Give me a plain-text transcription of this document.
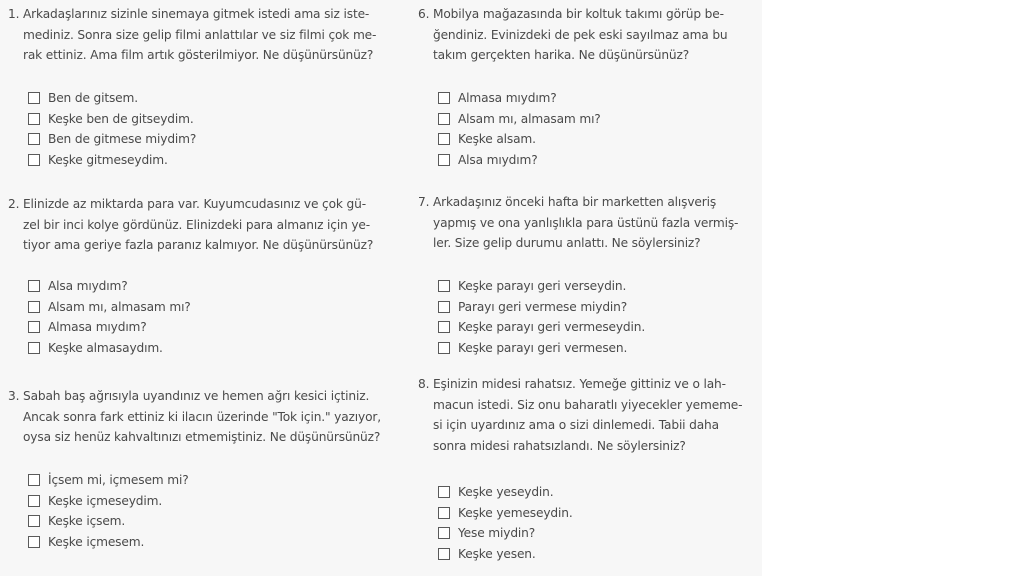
1. Arkadaşlarınız sizinle sinemaya gitmek istedi ama siz iste-
mediniz. Sonra size gelip filmi anlattılar ve siz filmi çok me-
rak ettiniz. Ama film artık gösterilmiyor. Ne düşünürsünüz?
Ben de gitsem.
Keşke ben de gitseydim.
Ben de gitmese miydim?
Keşke gitmeseydim.
2. Elinizde az miktarda para var. Kuyumcudasınız ve çok gü-
zel bir inci kolye gördünüz. Elinizdeki para almanız için ye-
tiyor ama geriye fazla paranız kalmıyor. Ne düşünürsünüz?
Alsa mıydım?
Alsam mı, almasam mı?
Almasa mıydım?
Keşke almasaydım.
3. Sabah baş ağrısıyla uyandınız ve hemen ağrı kesici içtiniz.
Ancak sonra fark ettiniz ki ilacın üzerinde "Tok için." yazıyor,
oysa siz henüz kahvaltınızı etmemiştiniz. Ne düşünürsünüz?
İçsem mi, içmesem mi?
Keşke içmeseydim.
Keşke içsem.
Keşke içmesem.
6. Mobilya mağazasında bir koltuk takımı görüp be-
ğendiniz. Evinizdeki de pek eski sayılmaz ama bu
takım gerçekten harika. Ne düşünürsünüz?
Almasa mıydım?
Alsam mı, almasam mı?
Keşke alsam.
Alsa mıydım?
7. Arkadaşınız önceki hafta bir marketten alışveriş
yapmış ve ona yanlışlıkla para üstünü fazla vermiş-
ler. Size gelip durumu anlattı. Ne söylersiniz?
Keşke parayı geri verseydin.
Parayı geri vermese miydin?
Keşke parayı geri vermeseydin.
Keşke parayı geri vermesen.
8. Eşinizin midesi rahatsız. Yemeğe gittiniz ve o lah-
macun istedi. Siz onu baharatlı yiyecekler yememe-
si için uyardınız ama o sizi dinlemedi. Tabii daha
sonra midesi rahatsızlandı. Ne söylersiniz?
Keşke yeseydin.
Keşke yemeseydin.
Yese miydin?
Keşke yesen.
